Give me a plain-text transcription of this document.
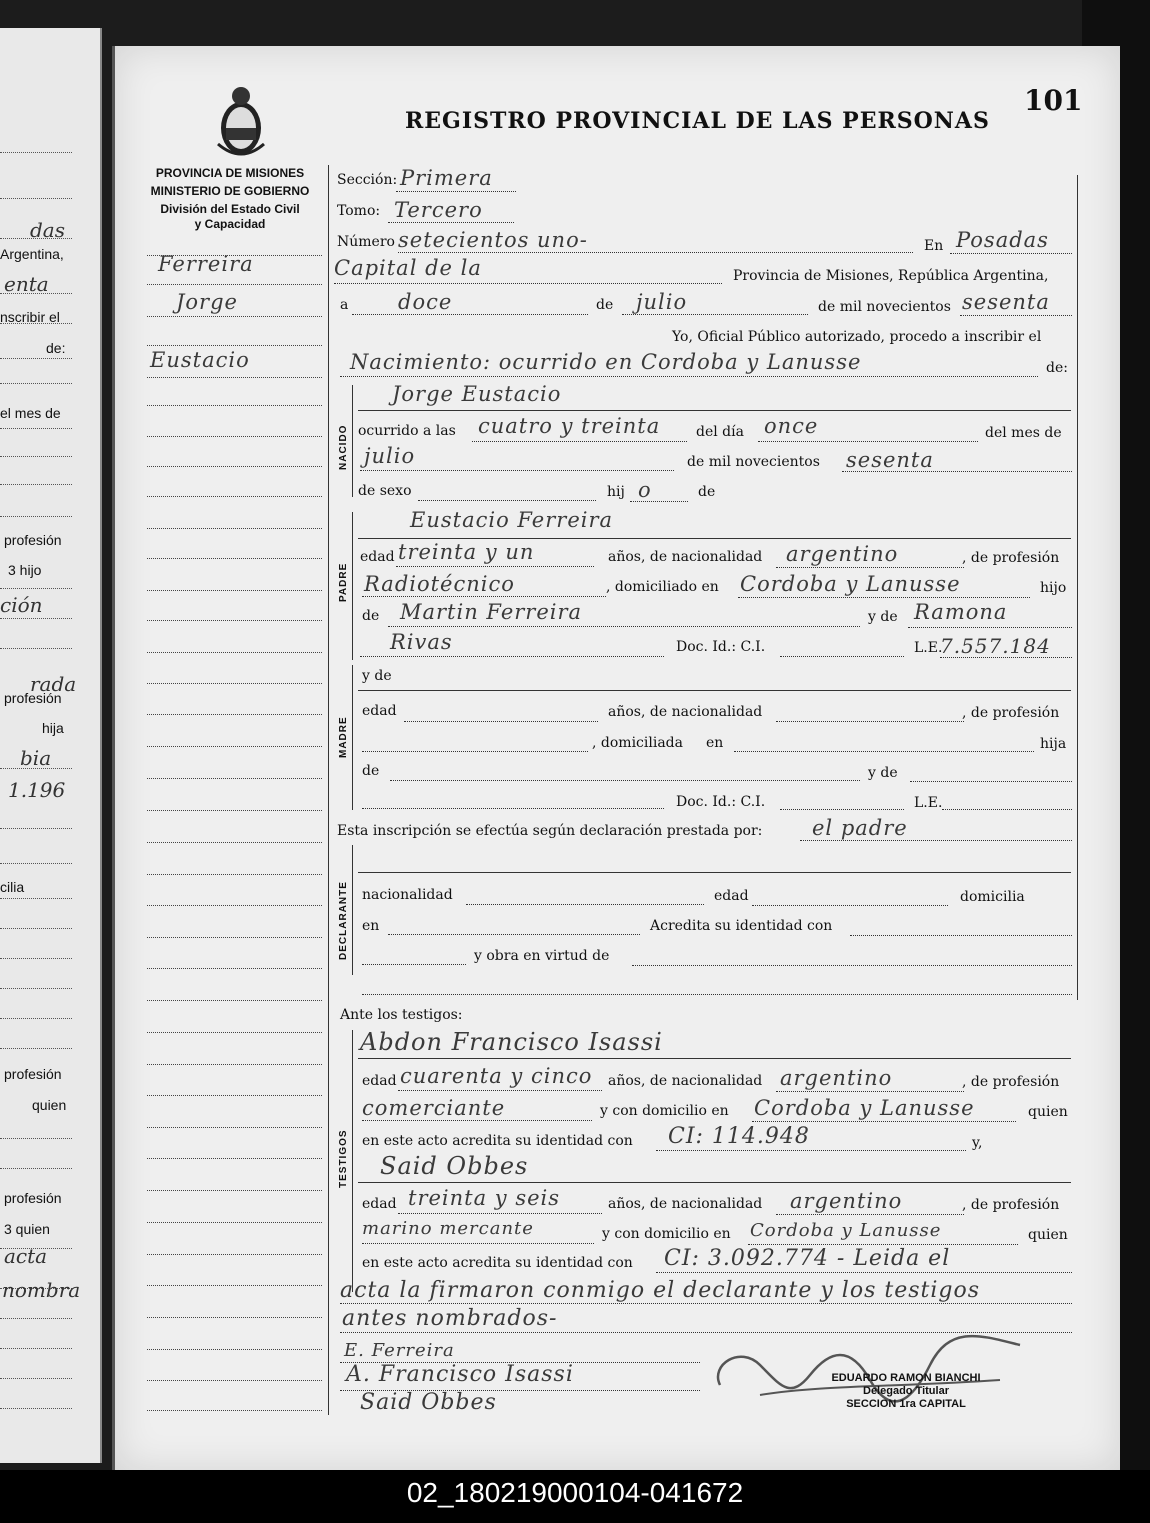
das
Argentina,
enta
nscribir el
de:
el mes de
profesión
3 hijo
ción
rada
profesión
hija
bia
1.196
cilia
profesión
quien
profesión
3 quien
acta
nombra
101
REGISTRO PROVINCIAL DE LAS PERSONAS
PROVINCIA DE MISIONES
MINISTERIO DE GOBIERNO
División del Estado Civil
y Capacidad
Ferreira
Jorge
Eustacio
Sección: Primera
Tomo: Tercero
Número setecientos uno-	En Posadas
Capital de la	Provincia de Misiones, República Argentina,
a doce	de julio	de mil novecientos sesenta
Yo, Oficial Público autorizado, procedo a inscribir el
Nacimiento: ocurrido en Cordoba y Lanusse	de:
NACIDO
Jorge Eustacio
ocurrido a las cuatro y treinta	del día once	del mes de
julio	de mil novecientos sesenta
de sexo	hij o	de
PADRE
Eustacio Ferreira
edad treinta y un	años, de nacionalidad argentino	, de profesión
Radiotécnico	, domiciliado en Cordoba y Lanusse	hijo
de Martin Ferreira	y de Ramona
Rivas	Doc. Id.: C.I.	L.E.
7.557.184
MADRE
y de
edad	años, de nacionalidad	, de profesión
, domiciliada en	hija
de	y de
Doc. Id.: C.I.	L.E.
Esta inscripción se efectúa según declaración prestada por: el padre
DECLARANTE nacionalidad	edad	domicilia
en	Acredita su identidad con
y obra en virtud de
Ante los testigos:
TESTIGOS
Abdon Francisco Isassi
edad cuarenta y cinco años, de nacionalidad argentino	, de profesión
comerciante	y con domicilio en Cordoba y Lanusse	quien
en este acto acredita su identidad con CI: 114.948	y,
Said Obbes
edad treinta y seis	años, de nacionalidad argentino	, de profesión
marino mercante	y con domicilio en Cordoba y Lanusse	quien
en este acto acredita su identidad con CI: 3.092.774 - Leida el
acta la firmaron conmigo el declarante y los testigos
antes nombrados-
E. Ferreira
A. Francisco Isassi
Said Obbes
EDUARDO RAMON BIANCHI
Delegado Titular
SECCION 1ra CAPITAL
02_180219000104-041672
